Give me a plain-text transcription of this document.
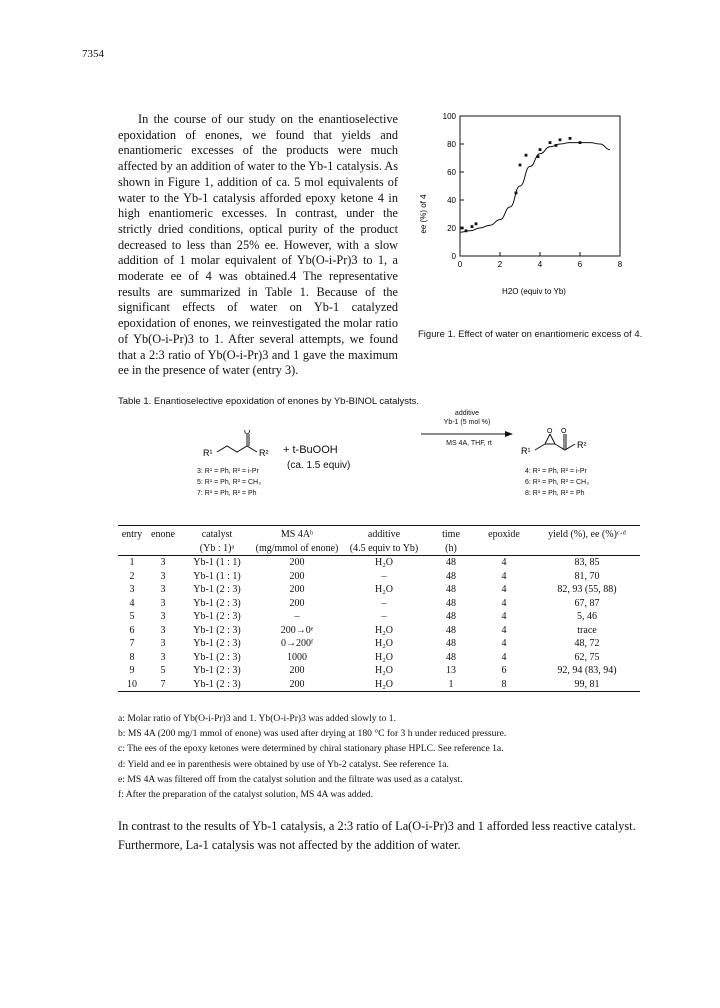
7354

In the course of our study on the enantioselective epoxidation of enones, we found that yields and enantiomeric excesses of the products were much affected by an addition of water to the Yb-1 catalysis. As shown in Figure 1, addition of ca. 5 mol equivalents of water to the Yb-1 catalysis afforded epoxy ketone 4 in high enantiomeric excesses. In contrast, under the strictly dried conditions, optical purity of the product decreased to less than 25% ee. However, with a slow addition of 1 molar equivalent of Yb(O-i-Pr)3 to 1, a moderate ee of 4 was obtained.4 The representative results are summarized in Table 1. Because of the significant effects of water on Yb-1 catalyzed epoxidation of enones, we reinvestigated the molar ratio of Yb(O-i-Pr)3 to 1. After several attempts, we found that a 2:3 ratio of Yb(O-i-Pr)3 and 1 gave the maximum ee in the presence of water (entry 3).

0	2	4	6	8
0
20
40
60
80
100
H2O (equiv to Yb)
ee (%) of 4
Figure 1. Effect of water on enantiomeric excess of 4.
Table 1. Enantioselective epoxidation of enones by Yb-BINOL catalysts.
R¹
O
R² + t-BuOOH
(ca. 1.5 equiv)
additive
Yb-1 (5 mol %)
MS 4A, THF, rt
R¹
O O
R²
3: R¹ = Ph, R² = i-Pr
5: R¹ = Ph, R² = CH₃
7: R¹ = Ph, R² = Ph
4: R¹ = Ph, R² = i-Pr
6: R¹ = Ph, R² = CH₃
8: R¹ = Ph, R² = Ph
entry	enone	catalyst	MS 4Aᵇ	additive	time	epoxide	yield (%), ee (%)ᶜ·ᵈ
		(Yb : 1)ᵃ	(mg/mmol of enone)	(4.5 equiv to Yb)	(h)		
1	3	Yb-1 (1 : 1)	200	H₂O	48	4	83, 85
2	3	Yb-1 (1 : 1)	200	–	48	4	81, 70
3	3	Yb-1 (2 : 3)	200	H₂O	48	4	82, 93 (55, 88)
4	3	Yb-1 (2 : 3)	200	–	48	4	67, 87
5	3	Yb-1 (2 : 3)	–	–	48	4	5, 46
6	3	Yb-1 (2 : 3)	200→0ᵉ	H₂O	48	4	trace
7	3	Yb-1 (2 : 3)	0→200ᶠ	H₂O	48	4	48, 72
8	3	Yb-1 (2 : 3)	1000	H₂O	48	4	62, 75
9	5	Yb-1 (2 : 3)	200	H₂O	13	6	92, 94 (83, 94)
10	7	Yb-1 (2 : 3)	200	H₂O	1	8	99, 81
a: Molar ratio of Yb(O-i-Pr)3 and 1. Yb(O-i-Pr)3 was added slowly to 1.
b: MS 4A (200 mg/1 mmol of enone) was used after drying at 180 °C for 3 h under reduced pressure.
c: The ees of the epoxy ketones were determined by chiral stationary phase HPLC. See reference 1a.
d: Yield and ee in parenthesis were obtained by use of Yb-2 catalyst. See reference 1a.
e: MS 4A was filtered off from the catalyst solution and the filtrate was used as a catalyst.
f: After the preparation of the catalyst solution, MS 4A was added.

In contrast to the results of Yb-1 catalysis, a 2:3 ratio of La(O-i-Pr)3 and 1 afforded less reactive catalyst. Furthermore, La-1 catalysis was not affected by the addition of water.
